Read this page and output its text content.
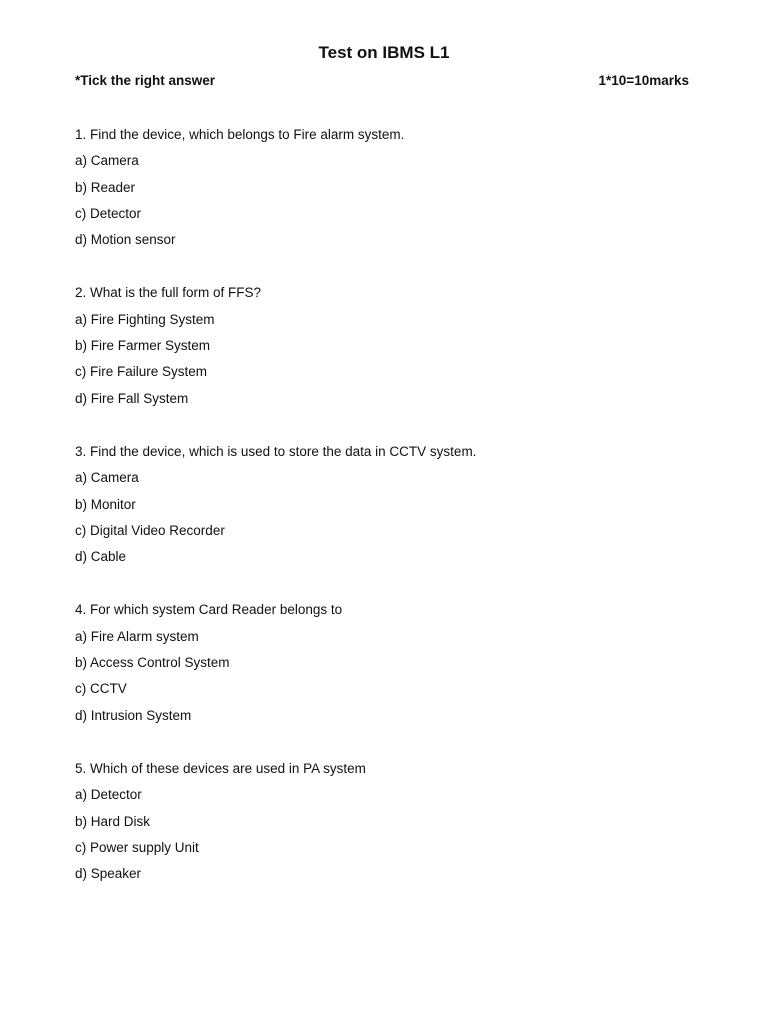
Test on IBMS L1
*Tick the right answer	1*10=10marks
1. Find the device, which belongs to Fire alarm system.
a) Camera
b) Reader
c) Detector
d) Motion sensor
2. What is the full form of FFS?
a) Fire Fighting System
b) Fire Farmer System
c) Fire Failure System
d) Fire Fall System
3. Find the device, which is used to store the data in CCTV system.
a) Camera
b) Monitor
c) Digital Video Recorder
d) Cable
4. For which system Card Reader belongs to
a) Fire Alarm system
b) Access Control System
c) CCTV
d) Intrusion System
5. Which of these devices are used in PA system
a) Detector
b) Hard Disk
c) Power supply Unit
d) Speaker
